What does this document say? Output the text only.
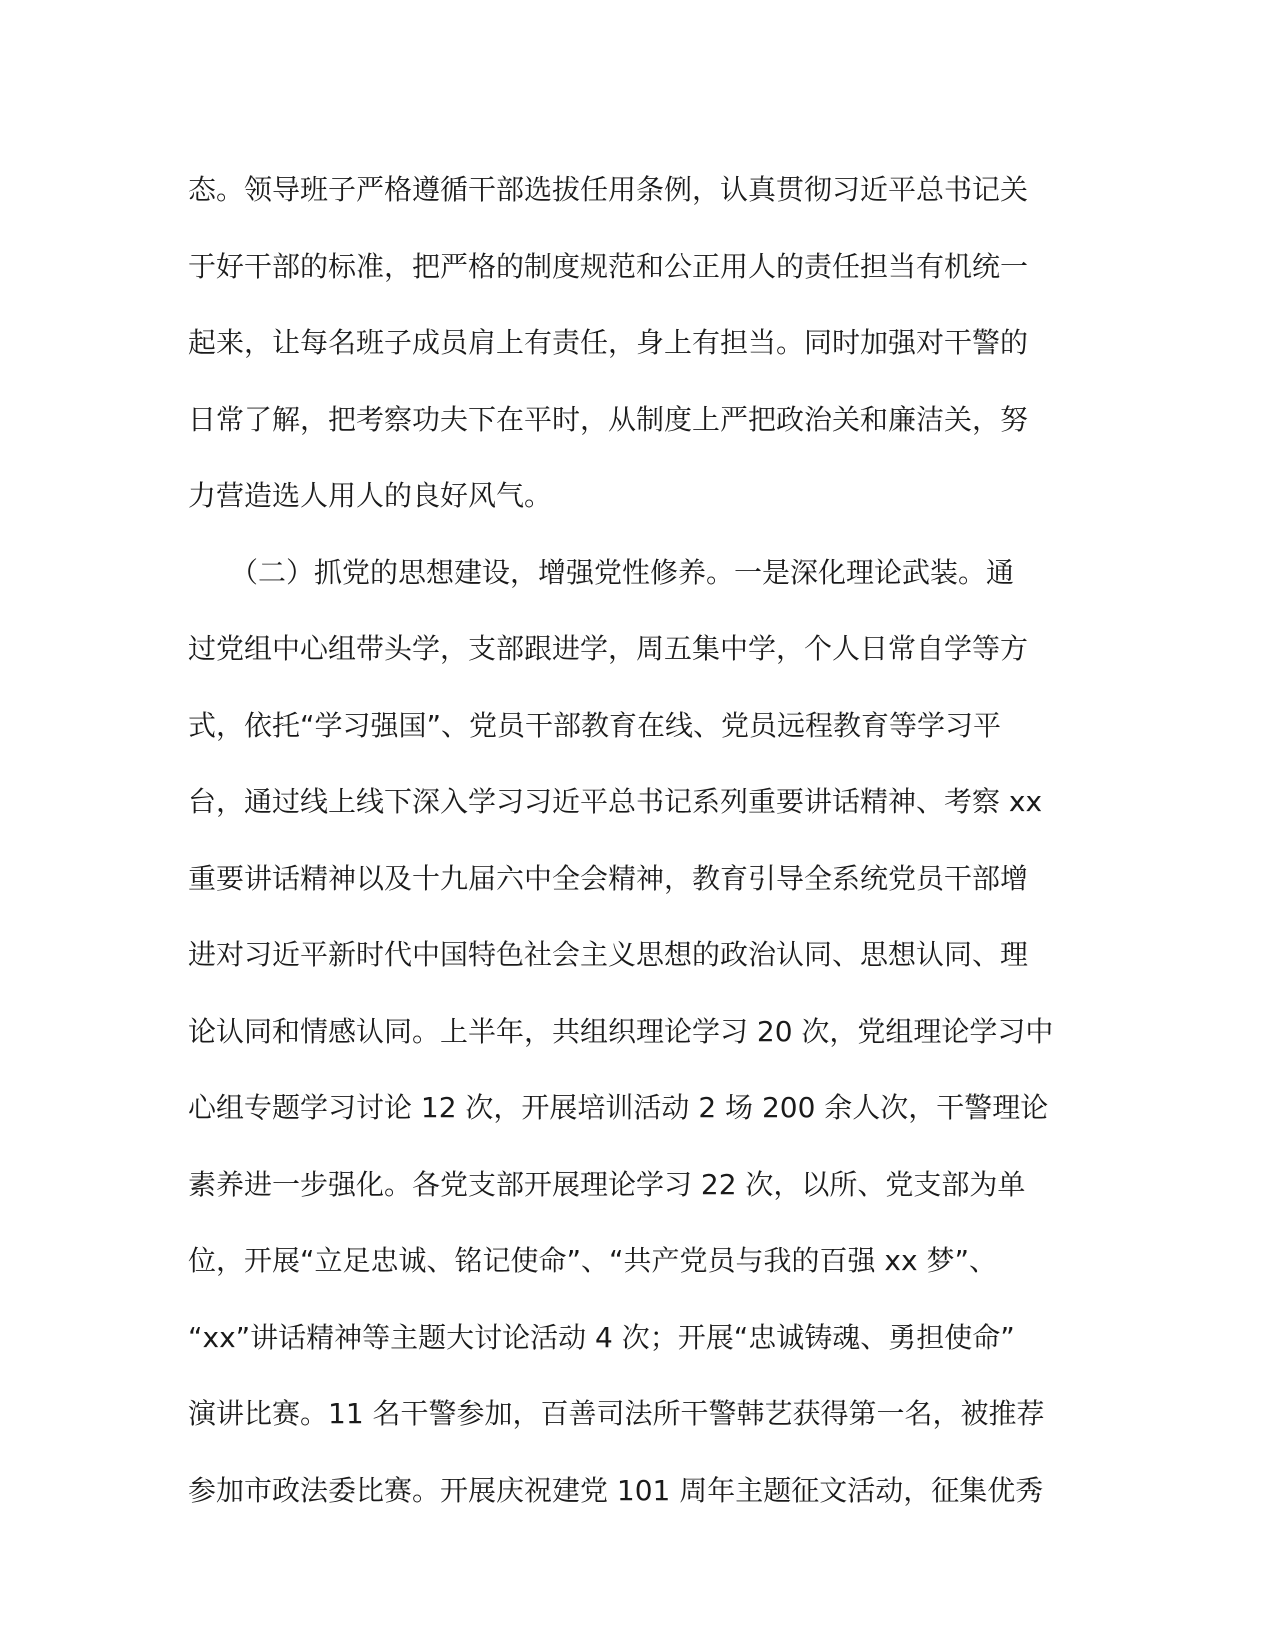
态。领导班子严格遵循干部选拔任用条例，认真贯彻习近平总书记关
于好干部的标准，把严格的制度规范和公正用人的责任担当有机统一
起来，让每名班子成员肩上有责任，身上有担当。同时加强对干警的
日常了解，把考察功夫下在平时，从制度上严把政治关和廉洁关，努
力营造选人用人的良好风气。
　　（二）抓党的思想建设，增强党性修养。一是深化理论武装。通
过党组中心组带头学，支部跟进学，周五集中学，个人日常自学等方
式，依托“学习强国”、党员干部教育在线、党员远程教育等学习平
台，通过线上线下深入学习习近平总书记系列重要讲话精神、考察 xx
重要讲话精神以及十九届六中全会精神，教育引导全系统党员干部增
进对习近平新时代中国特色社会主义思想的政治认同、思想认同、理
论认同和情感认同。上半年，共组织理论学习 20 次，党组理论学习中
心组专题学习讨论 12 次，开展培训活动 2 场 200 余人次，干警理论
素养进一步强化。各党支部开展理论学习 22 次，以所、党支部为单
位，开展“立足忠诚、铭记使命”、“共产党员与我的百强 xx 梦”、
“xx”讲话精神等主题大讨论活动 4 次；开展“忠诚铸魂、勇担使命”
演讲比赛。11 名干警参加，百善司法所干警韩艺获得第一名，被推荐
参加市政法委比赛。开展庆祝建党 101 周年主题征文活动，征集优秀
